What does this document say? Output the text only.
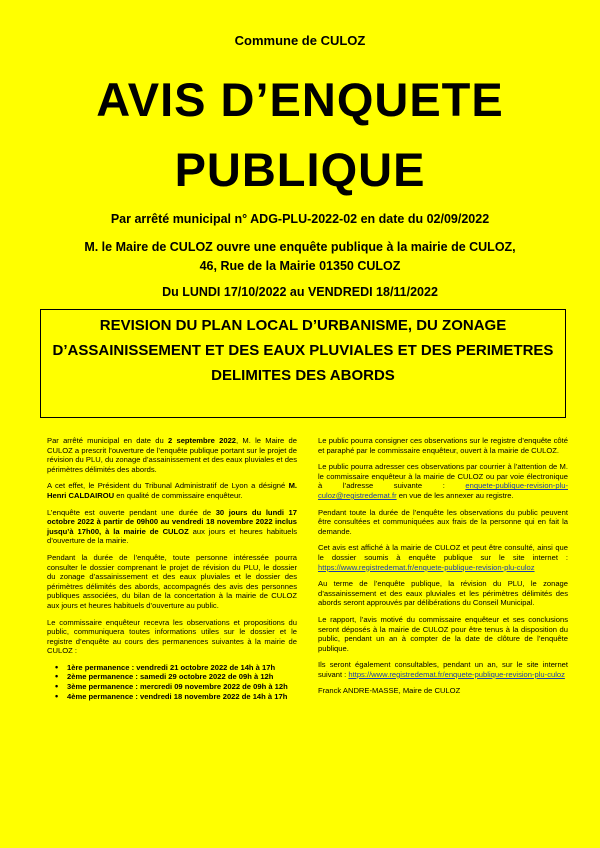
Commune de CULOZ
AVIS D’ENQUETE
PUBLIQUE
Par arrêté municipal n° ADG-PLU-2022-02 en date du 02/09/2022
M. le Maire de CULOZ ouvre une enquête publique à la mairie de CULOZ,
46, Rue de la Mairie 01350 CULOZ
Du LUNDI 17/10/2022 au VENDREDI 18/11/2022
REVISION DU PLAN LOCAL D’URBANISME, DU ZONAGE D’ASSAINISSEMENT ET DES EAUX PLUVIALES ET DES PERIMETRES DELIMITES DES ABORDS

Par arrêté municipal en date du 2 septembre 2022, M. le Maire de CULOZ a prescrit l’ouverture de l’enquête publique portant sur le projet de révision du PLU, du zonage d’assainissement et des eaux pluviales et des périmètres délimités des abords.

A cet effet, le Président du Tribunal Administratif de Lyon a désigné M. Henri CALDAIROU en qualité de commissaire enquêteur.

L’enquête est ouverte pendant une durée de 30 jours du lundi 17 octobre 2022 à partir de 09h00 au vendredi 18 novembre 2022 inclus jusqu’à 17h00, à la mairie de CULOZ aux jours et heures habituels d’ouverture de la mairie.

Pendant la durée de l’enquête, toute personne intéressée pourra consulter le dossier comprenant le projet de révision du PLU, le dossier du zonage d’assainissement et des eaux pluviales et le dossier des périmètres délimités des abords, accompagnés des avis des personnes publiques associées, du bilan de la concertation à la mairie de CULOZ aux jours et heures habituels d’ouverture au public.

Le commissaire enquêteur recevra les observations et propositions du public, communiquera toutes informations utiles sur le dossier et le registre d’enquête au cours des permanences suivantes à la mairie de CULOZ :

• 1ère permanence : vendredi 21 octobre 2022 de 14h à 17h
• 2ème permanence : samedi 29 octobre 2022 de 09h à 12h
• 3ème permanence : mercredi 09 novembre 2022 de 09h à 12h
• 4ème permanence : vendredi 18 novembre 2022 de 14h à 17h

Le public pourra consigner ces observations sur le registre d’enquête côté et paraphé par le commissaire enquêteur, ouvert à la mairie de CULOZ.

Le public pourra adresser ces observations par courrier à l’attention de M. le commissaire enquêteur à la mairie de CULOZ ou par voie électronique à l’adresse suivante : enquete-publique-revision-plu-culoz@registredemat.fr en vue de les annexer au registre.

Pendant toute la durée de l’enquête les observations du public peuvent être consultées et communiquées aux frais de la personne qui en fait la demande.

Cet avis est affiché à la mairie de CULOZ et peut être consulté, ainsi que le dossier soumis à enquête publique sur le site internet : https://www.registredemat.fr/enquete-publique-revision-plu-culoz

Au terme de l’enquête publique, la révision du PLU, le zonage d’assainissement et des eaux pluviales et les périmètres délimités des abords seront approuvés par délibérations du Conseil Municipal.

Le rapport, l’avis motivé du commissaire enquêteur et ses conclusions seront déposés à la mairie de CULOZ pour être tenus à la disposition du public, pendant un an à compter de la date de clôture de l’enquête publique.

Ils seront également consultables, pendant un an, sur le site internet suivant : https://www.registredemat.fr/enquete-publique-revision-plu-culoz

Franck ANDRE-MASSE, Maire de CULOZ
